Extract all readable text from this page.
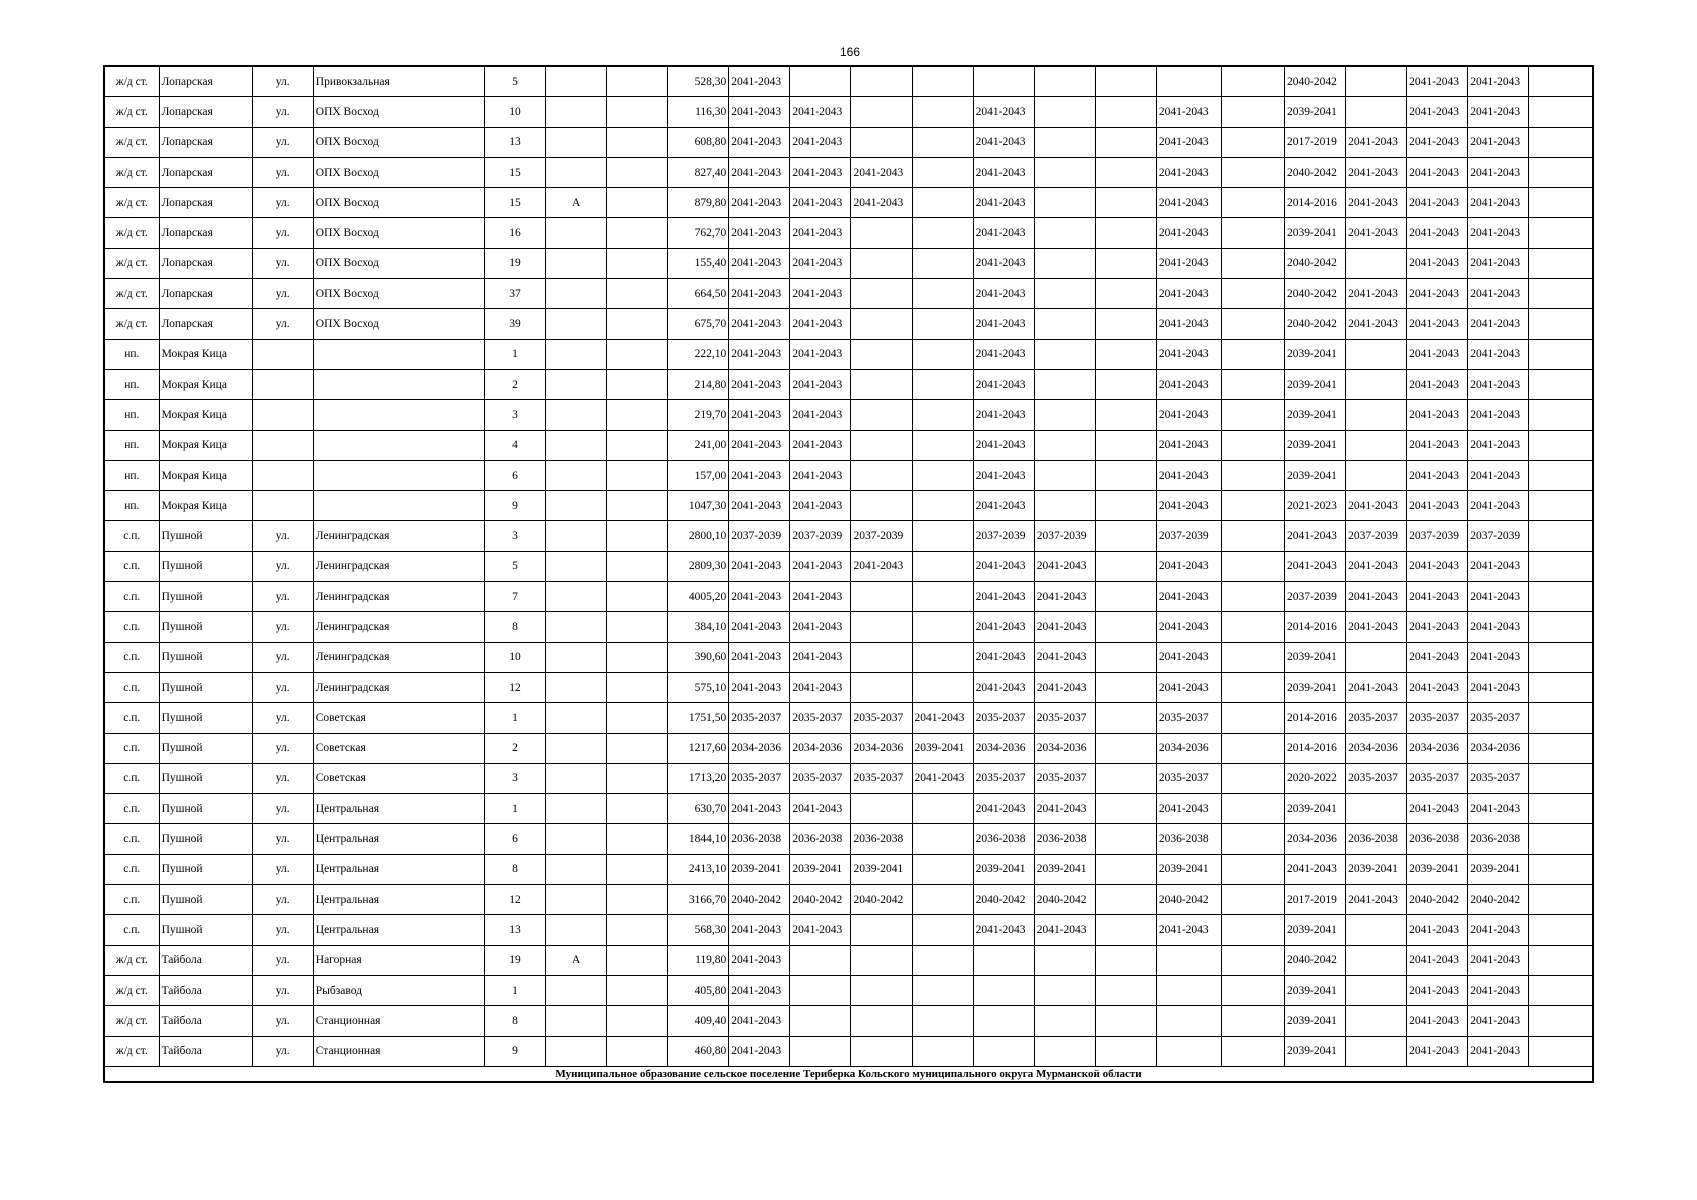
166
ж/д ст.	Лопарская	ул.	Привокзальная	5			528,30	2041-2043									2040-2042		2041-2043	2041-2043	
ж/д ст.	Лопарская	ул.	ОПХ Восход	10			116,30	2041-2043	2041-2043			2041-2043			2041-2043		2039-2041		2041-2043	2041-2043	
ж/д ст.	Лопарская	ул.	ОПХ Восход	13			608,80	2041-2043	2041-2043			2041-2043			2041-2043		2017-2019	2041-2043	2041-2043	2041-2043	
ж/д ст.	Лопарская	ул.	ОПХ Восход	15			827,40	2041-2043	2041-2043	2041-2043		2041-2043			2041-2043		2040-2042	2041-2043	2041-2043	2041-2043	
ж/д ст.	Лопарская	ул.	ОПХ Восход	15	А		879,80	2041-2043	2041-2043	2041-2043		2041-2043			2041-2043		2014-2016	2041-2043	2041-2043	2041-2043	
ж/д ст.	Лопарская	ул.	ОПХ Восход	16			762,70	2041-2043	2041-2043			2041-2043			2041-2043		2039-2041	2041-2043	2041-2043	2041-2043	
ж/д ст.	Лопарская	ул.	ОПХ Восход	19			155,40	2041-2043	2041-2043			2041-2043			2041-2043		2040-2042		2041-2043	2041-2043	
ж/д ст.	Лопарская	ул.	ОПХ Восход	37			664,50	2041-2043	2041-2043			2041-2043			2041-2043		2040-2042	2041-2043	2041-2043	2041-2043	
ж/д ст.	Лопарская	ул.	ОПХ Восход	39			675,70	2041-2043	2041-2043			2041-2043			2041-2043		2040-2042	2041-2043	2041-2043	2041-2043	
нп.	Мокрая Кица			1			222,10	2041-2043	2041-2043			2041-2043			2041-2043		2039-2041		2041-2043	2041-2043	
нп.	Мокрая Кица			2			214,80	2041-2043	2041-2043			2041-2043			2041-2043		2039-2041		2041-2043	2041-2043	
нп.	Мокрая Кица			3			219,70	2041-2043	2041-2043			2041-2043			2041-2043		2039-2041		2041-2043	2041-2043	
нп.	Мокрая Кица			4			241,00	2041-2043	2041-2043			2041-2043			2041-2043		2039-2041		2041-2043	2041-2043	
нп.	Мокрая Кица			6			157,00	2041-2043	2041-2043			2041-2043			2041-2043		2039-2041		2041-2043	2041-2043	
нп.	Мокрая Кица			9			1047,30	2041-2043	2041-2043			2041-2043			2041-2043		2021-2023	2041-2043	2041-2043	2041-2043	
с.п.	Пушной	ул.	Ленинградская	3			2800,10	2037-2039	2037-2039	2037-2039		2037-2039	2037-2039		2037-2039		2041-2043	2037-2039	2037-2039	2037-2039	
с.п.	Пушной	ул.	Ленинградская	5			2809,30	2041-2043	2041-2043	2041-2043		2041-2043	2041-2043		2041-2043		2041-2043	2041-2043	2041-2043	2041-2043	
с.п.	Пушной	ул.	Ленинградская	7			4005,20	2041-2043	2041-2043			2041-2043	2041-2043		2041-2043		2037-2039	2041-2043	2041-2043	2041-2043	
с.п.	Пушной	ул.	Ленинградская	8			384,10	2041-2043	2041-2043			2041-2043	2041-2043		2041-2043		2014-2016	2041-2043	2041-2043	2041-2043	
с.п.	Пушной	ул.	Ленинградская	10			390,60	2041-2043	2041-2043			2041-2043	2041-2043		2041-2043		2039-2041		2041-2043	2041-2043	
с.п.	Пушной	ул.	Ленинградская	12			575,10	2041-2043	2041-2043			2041-2043	2041-2043		2041-2043		2039-2041	2041-2043	2041-2043	2041-2043	
с.п.	Пушной	ул.	Советская	1			1751,50	2035-2037	2035-2037	2035-2037	2041-2043	2035-2037	2035-2037		2035-2037		2014-2016	2035-2037	2035-2037	2035-2037	
с.п.	Пушной	ул.	Советская	2			1217,60	2034-2036	2034-2036	2034-2036	2039-2041	2034-2036	2034-2036		2034-2036		2014-2016	2034-2036	2034-2036	2034-2036	
с.п.	Пушной	ул.	Советская	3			1713,20	2035-2037	2035-2037	2035-2037	2041-2043	2035-2037	2035-2037		2035-2037		2020-2022	2035-2037	2035-2037	2035-2037	
с.п.	Пушной	ул.	Центральная	1			630,70	2041-2043	2041-2043			2041-2043	2041-2043		2041-2043		2039-2041		2041-2043	2041-2043	
с.п.	Пушной	ул.	Центральная	6			1844,10	2036-2038	2036-2038	2036-2038		2036-2038	2036-2038		2036-2038		2034-2036	2036-2038	2036-2038	2036-2038	
с.п.	Пушной	ул.	Центральная	8			2413,10	2039-2041	2039-2041	2039-2041		2039-2041	2039-2041		2039-2041		2041-2043	2039-2041	2039-2041	2039-2041	
с.п.	Пушной	ул.	Центральная	12			3166,70	2040-2042	2040-2042	2040-2042		2040-2042	2040-2042		2040-2042		2017-2019	2041-2043	2040-2042	2040-2042	
с.п.	Пушной	ул.	Центральная	13			568,30	2041-2043	2041-2043			2041-2043	2041-2043		2041-2043		2039-2041		2041-2043	2041-2043	
ж/д ст.	Тайбола	ул.	Нагорная	19	А		119,80	2041-2043									2040-2042		2041-2043	2041-2043	
ж/д ст.	Тайбола	ул.	Рыбзавод	1			405,80	2041-2043									2039-2041		2041-2043	2041-2043	
ж/д ст.	Тайбола	ул.	Станционная	8			409,40	2041-2043									2039-2041		2041-2043	2041-2043	
ж/д ст.	Тайбола	ул.	Станционная	9			460,80	2041-2043									2039-2041		2041-2043	2041-2043	
Муниципальное образование сельское поселение Териберка Кольского муниципального округа Мурманской области																					
